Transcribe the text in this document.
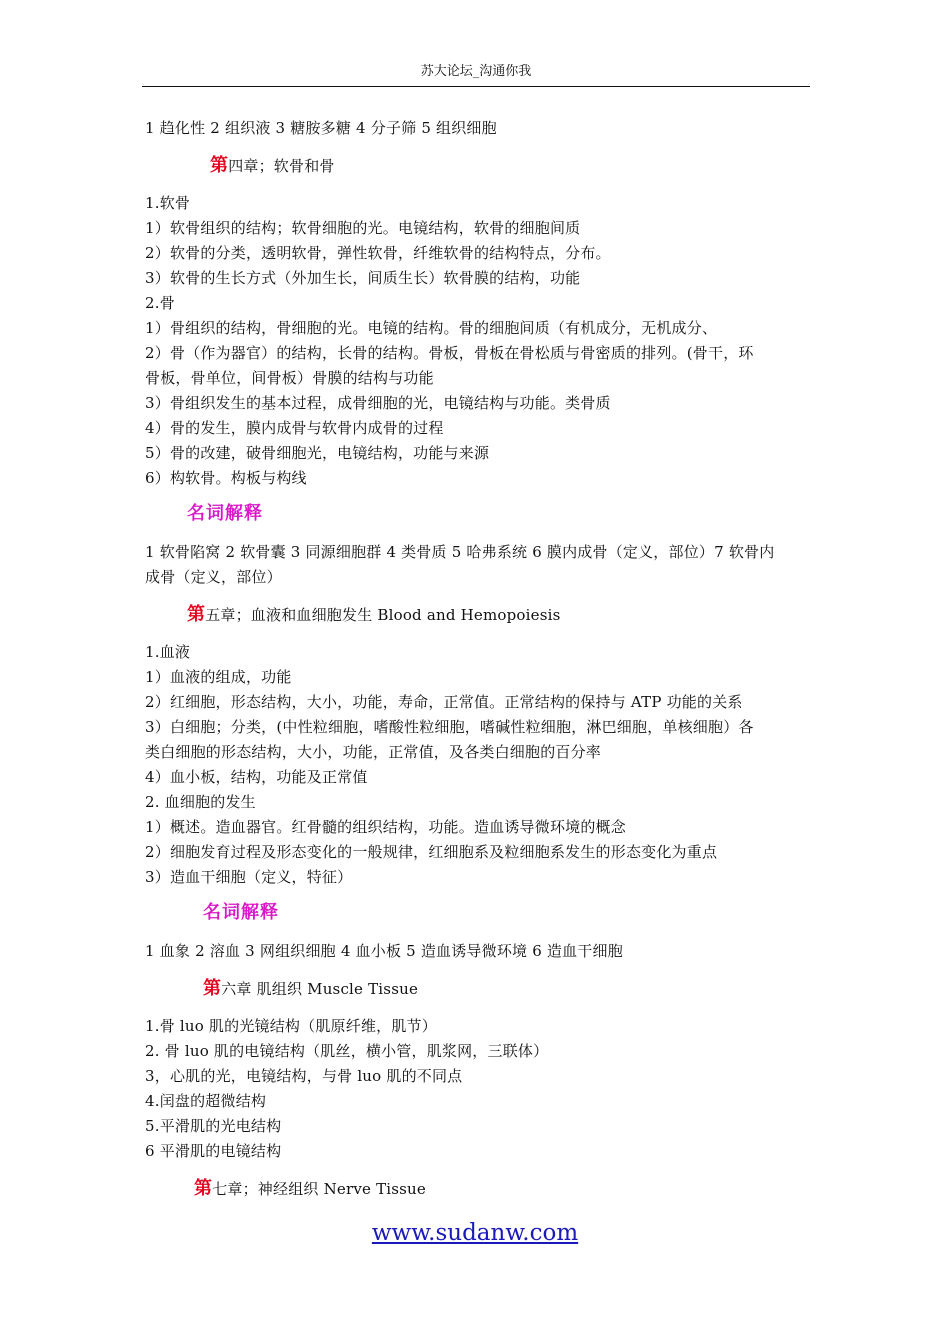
苏大论坛_沟通你我
1 趋化性 2 组织液 3 糖胺多糖 4 分子筛 5 组织细胞
第四章；软骨和骨
1.软骨
1）软骨组织的结构；软骨细胞的光。电镜结构，软骨的细胞间质
2）软骨的分类，透明软骨，弹性软骨，纤维软骨的结构特点，分布。
3）软骨的生长方式（外加生长，间质生长）软骨膜的结构，功能
2.骨
1）骨组织的结构，骨细胞的光。电镜的结构。骨的细胞间质（有机成分，无机成分、
2）骨（作为器官）的结构，长骨的结构。骨板，骨板在骨松质与骨密质的排列。(骨干，环
骨板，骨单位，间骨板）骨膜的结构与功能
3）骨组织发生的基本过程，成骨细胞的光，电镜结构与功能。类骨质
4）骨的发生，膜内成骨与软骨内成骨的过程
5）骨的改建，破骨细胞光，电镜结构，功能与来源
6）构软骨。构板与构线
名词解释
1 软骨陷窝 2 软骨囊 3 同源细胞群 4 类骨质 5 哈弗系统 6 膜内成骨（定义，部位）7 软骨内
成骨（定义，部位）
第五章；血液和血细胞发生 Blood and Hemopoiesis
1.血液
1）血液的组成，功能
2）红细胞，形态结构，大小，功能，寿命，正常值。正常结构的保持与 ATP 功能的关系
3）白细胞；分类，(中性粒细胞，嗜酸性粒细胞，嗜碱性粒细胞，淋巴细胞，单核细胞）各
类白细胞的形态结构，大小，功能，正常值，及各类白细胞的百分率
4）血小板，结构，功能及正常值
2. 血细胞的发生
1）概述。造血器官。红骨髓的组织结构，功能。造血诱导微环境的概念
2）细胞发育过程及形态变化的一般规律，红细胞系及粒细胞系发生的形态变化为重点
3）造血干细胞（定义，特征）
名词解释
1 血象 2 溶血 3 网组织细胞 4 血小板 5 造血诱导微环境 6 造血干细胞
第六章 肌组织 Muscle Tissue
1.骨 luo 肌的光镜结构（肌原纤维，肌节）
2. 骨 luo 肌的电镜结构（肌丝，横小管，肌浆网，三联体）
3，心肌的光，电镜结构，与骨 luo 肌的不同点
4.闰盘的超微结构
5.平滑肌的光电结构
6 平滑肌的电镜结构
第七章；神经组织 Nerve Tissue
www.sudanw.com
